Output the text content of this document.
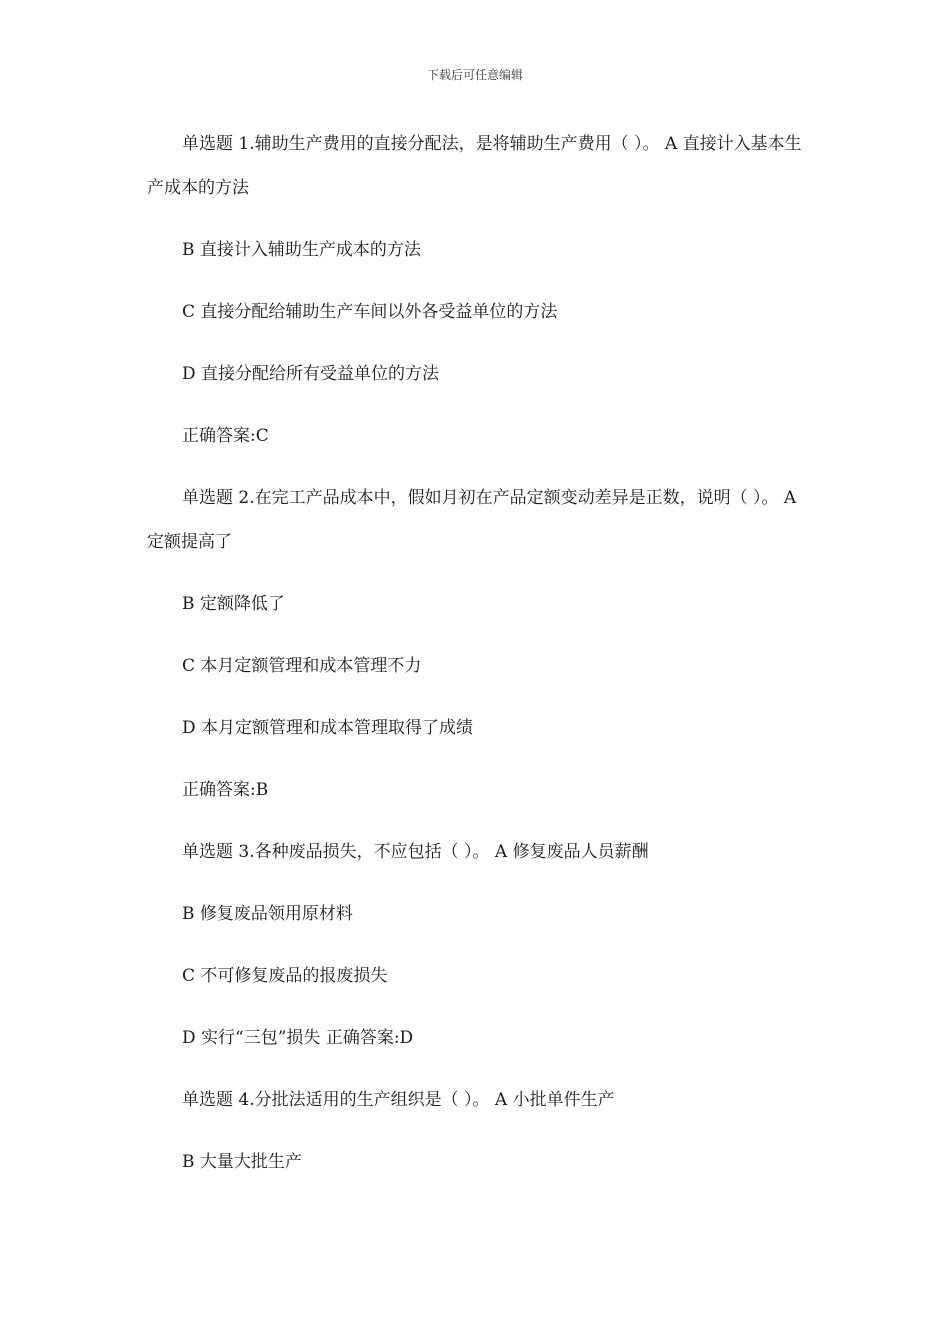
下载后可任意编辑
单选题 1.辅助生产费用的直接分配法，是将辅助生产费用（ ）。 A 直接计入基本生产成本的方法
B 直接计入辅助生产成本的方法
C 直接分配给辅助生产车间以外各受益单位的方法
D 直接分配给所有受益单位的方法
正确答案:C
单选题 2.在完工产品成本中，假如月初在产品定额变动差异是正数，说明（ ）。 A 定额提高了
B 定额降低了
C 本月定额管理和成本管理不力
D 本月定额管理和成本管理取得了成绩
正确答案:B
单选题 3.各种废品损失，不应包括（ ）。 A 修复废品人员薪酬
B 修复废品领用原材料
C 不可修复废品的报废损失
D 实行“三包”损失 正确答案:D
单选题 4.分批法适用的生产组织是（ ）。 A 小批单件生产
B 大量大批生产
